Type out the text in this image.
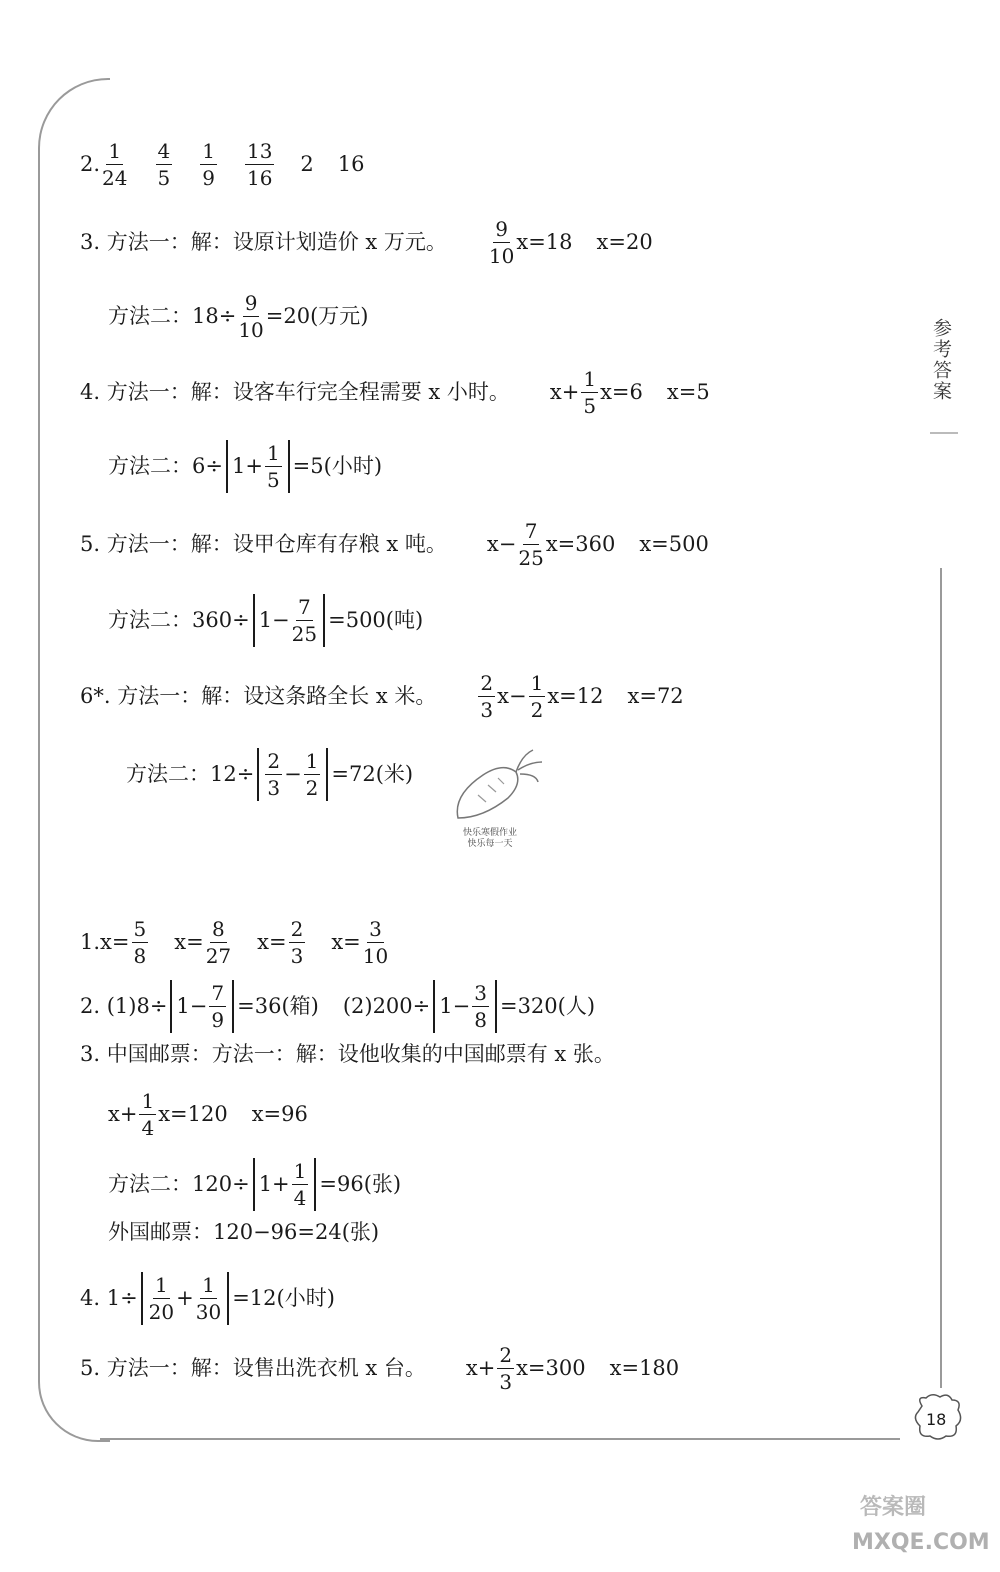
参考答案
2. $\frac{1}{24} \frac{4}{5} \frac{1}{9} \frac{13}{16} 2$ 16
3. 方法一：解：设原计划造价 x 万元。 $\frac{9}{10} x=18$ x=20
方法二：$18\div \frac{9}{10} =20$(万元)
4. 方法一：解：设客车行完全程需要 x 小时。 $x+ \frac{1}{5} x=6$ x=5
方法二：$6\div 1+ \frac{1}{5} =5$(小时)
5. 方法一：解：设甲仓库有存粮 x 吨。 $x- \frac{7}{25} x=360$ x=500
方法二：$360\div 1- \frac{7}{25} =500$(吨)
6*. 方法一：解：设这条路全长 x 米。 $\frac{2}{3} x- \frac{1}{2} x=12$ x=72
方法二：$12\div \frac{2}{3} - \frac{1}{2} =72$(米)
快乐寒假作业
快乐每一天
1. $x= \frac{5}{8} x= \frac{8}{27} x= \frac{2}{3} x= \frac{3}{10}$
2. $(1)8\div 1- \frac{7}{9} =36$(箱) $(2)200\div 1- \frac{3}{8} =320$(人)
3. 中国邮票：方法一：解：设他收集的中国邮票有 x 张。
$x+ \frac{1}{4} x=120$ x=96
方法二：$120\div 1+ \frac{1}{4} =96$(张)
外国邮票：120−96=24(张)
4. $1\div \frac{1}{20} + \frac{1}{30} =12$(小时)
5. 方法一：解：设售出洗衣机 x 台。 $x+ \frac{2}{3} x=300$ x=180
18
答案圈
MXQE.COM
